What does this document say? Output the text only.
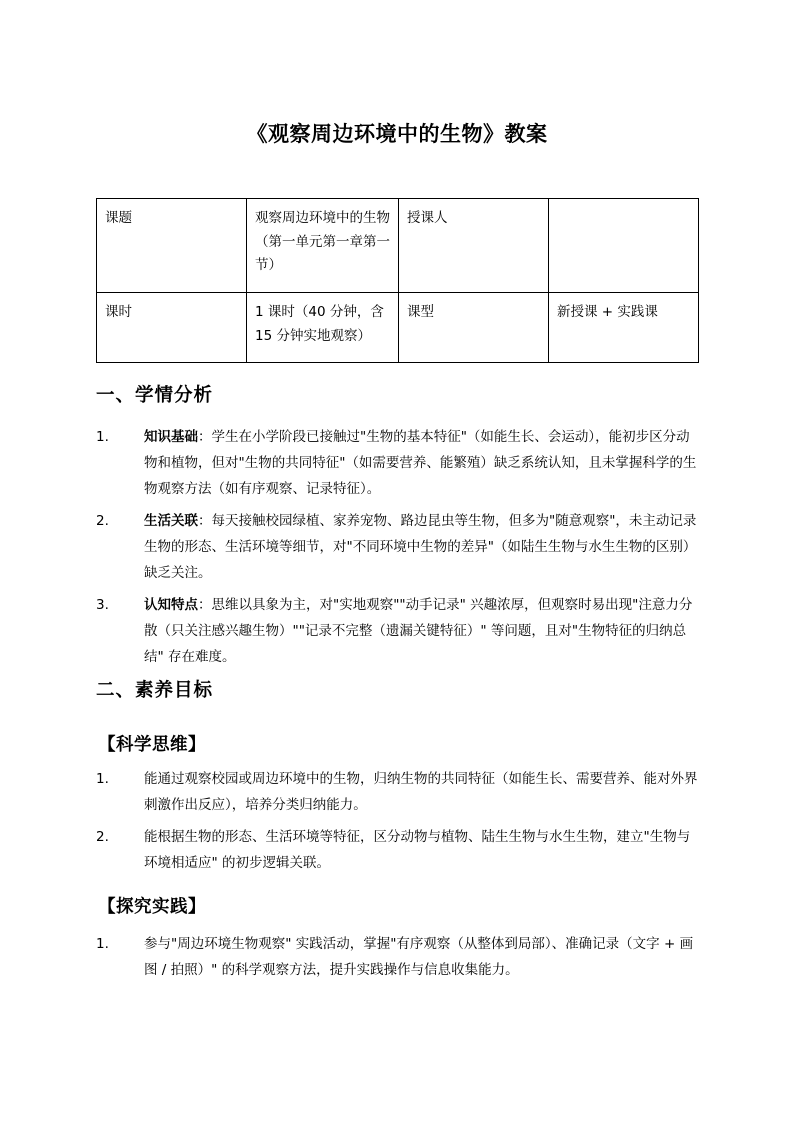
《观察周边环境中的生物》教案
课题	观察周边环境中的生物（第一单元第一章第一节）	授课人	
课时	1 课时（40 分钟，含 15 分钟实地观察）	课型	新授课 + 实践课
一、学情分析
1.	知识基础：学生在小学阶段已接触过"生物的基本特征"（如能生长、会运动），能初步区分动物和植物，但对"生物的共同特征"（如需要营养、能繁殖）缺乏系统认知，且未掌握科学的生物观察方法（如有序观察、记录特征）。
2.	生活关联：每天接触校园绿植、家养宠物、路边昆虫等生物，但多为"随意观察"，未主动记录生物的形态、生活环境等细节，对"不同环境中生物的差异"（如陆生生物与水生生物的区别）缺乏关注。
3.	认知特点：思维以具象为主，对"实地观察""动手记录" 兴趣浓厚，但观察时易出现"注意力分散（只关注感兴趣生物）""记录不完整（遗漏关键特征）" 等问题，且对"生物特征的归纳总结" 存在难度。
二、素养目标
【科学思维】
1.	能通过观察校园或周边环境中的生物，归纳生物的共同特征（如能生长、需要营养、能对外界刺激作出反应），培养分类归纳能力。
2.	能根据生物的形态、生活环境等特征，区分动物与植物、陆生生物与水生生物，建立"生物与环境相适应" 的初步逻辑关联。
【探究实践】
1.	参与"周边环境生物观察" 实践活动，掌握"有序观察（从整体到局部）、准确记录（文字 + 画图 / 拍照）" 的科学观察方法，提升实践操作与信息收集能力。
